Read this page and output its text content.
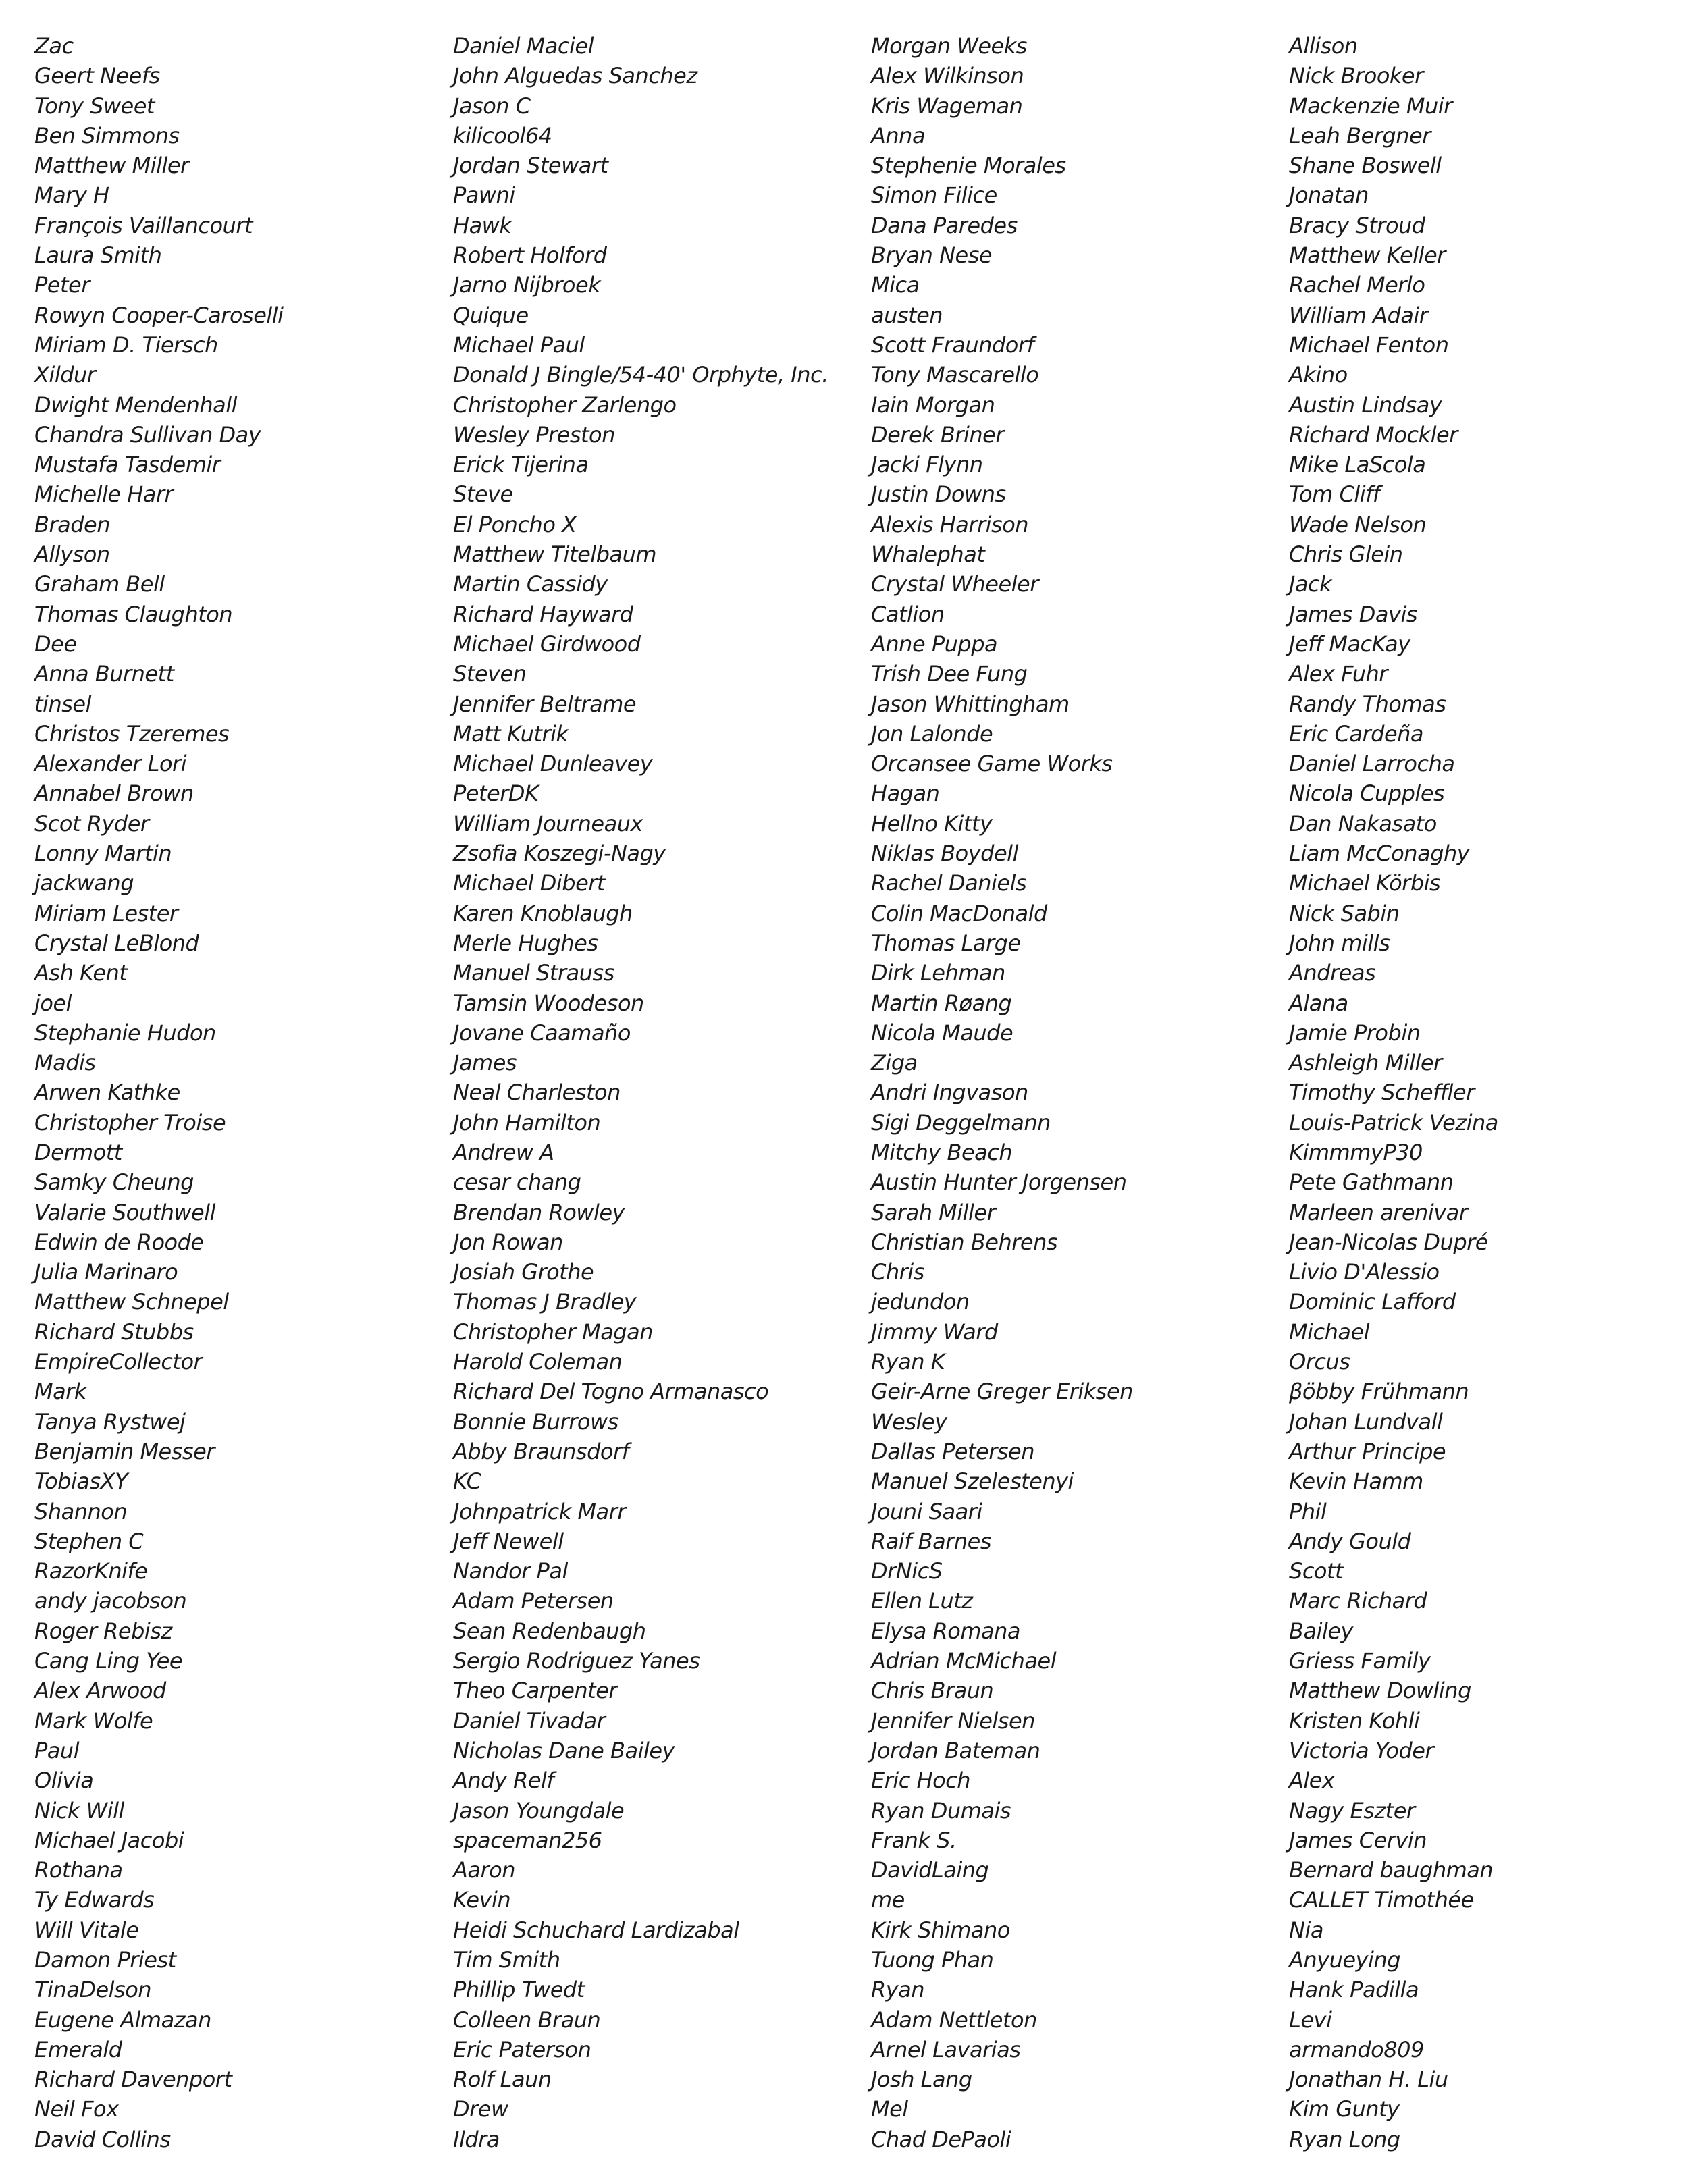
Zac
Geert Neefs
Tony Sweet
Ben Simmons
Matthew Miller
Mary H
François Vaillancourt
Laura Smith
Peter
Rowyn Cooper-Caroselli
Miriam D. Tiersch
Xildur
Dwight Mendenhall
Chandra Sullivan Day
Mustafa Tasdemir
Michelle Harr
Braden
Allyson
Graham Bell
Thomas Claughton
Dee
Anna Burnett
tinsel
Christos Tzeremes
Alexander Lori
Annabel Brown
Scot Ryder
Lonny Martin
jackwang
Miriam Lester
Crystal LeBlond
Ash Kent
joel
Stephanie Hudon
Madis
Arwen Kathke
Christopher Troise
Dermott
Samky Cheung
Valarie Southwell
Edwin de Roode
Julia Marinaro
Matthew Schnepel
Richard Stubbs
EmpireCollector
Mark
Tanya Rystwej
Benjamin Messer
TobiasXY
Shannon
Stephen C
RazorKnife
andy jacobson
Roger Rebisz
Cang Ling Yee
Alex Arwood
Mark Wolfe
Paul
Olivia
Nick Will
Michael Jacobi
Rothana
Ty Edwards
Will Vitale
Damon Priest
TinaDelson
Eugene Almazan
Emerald
Richard Davenport
Neil Fox
David Collins
Daniel Maciel
John Alguedas Sanchez
Jason C
kilicool64
Jordan Stewart
Pawni
Hawk
Robert Holford
Jarno Nijbroek
Quique
Michael Paul
Donald J Bingle/54-40' Orphyte, Inc.
Christopher Zarlengo
Wesley Preston
Erick Tijerina
Steve
El Poncho X
Matthew Titelbaum
Martin Cassidy
Richard Hayward
Michael Girdwood
Steven
Jennifer Beltrame
Matt Kutrik
Michael Dunleavey
PeterDK
William Journeaux
Zsofia Koszegi-Nagy
Michael Dibert
Karen Knoblaugh
Merle Hughes
Manuel Strauss
Tamsin Woodeson
Jovane Caamaño
James
Neal Charleston
John Hamilton
Andrew A
cesar chang
Brendan Rowley
Jon Rowan
Josiah Grothe
Thomas J Bradley
Christopher Magan
Harold Coleman
Richard Del Togno Armanasco
Bonnie Burrows
Abby Braunsdorf
KC
Johnpatrick Marr
Jeff Newell
Nandor Pal
Adam Petersen
Sean Redenbaugh
Sergio Rodriguez Yanes
Theo Carpenter
Daniel Tivadar
Nicholas Dane Bailey
Andy Relf
Jason Youngdale
spaceman256
Aaron
Kevin
Heidi Schuchard Lardizabal
Tim Smith
Phillip Twedt
Colleen Braun
Eric Paterson
Rolf Laun
Drew
Ildra
Morgan Weeks
Alex Wilkinson
Kris Wageman
Anna
Stephenie Morales
Simon Filice
Dana Paredes
Bryan Nese
Mica
austen
Scott Fraundorf
Tony Mascarello
Iain Morgan
Derek Briner
Jacki Flynn
Justin Downs
Alexis Harrison
Whalephat
Crystal Wheeler
Catlion
Anne Puppa
Trish Dee Fung
Jason Whittingham
Jon Lalonde
Orcansee Game Works
Hagan
Hellno Kitty
Niklas Boydell
Rachel Daniels
Colin MacDonald
Thomas Large
Dirk Lehman
Martin Røang
Nicola Maude
Ziga
Andri Ingvason
Sigi Deggelmann
Mitchy Beach
Austin Hunter Jorgensen
Sarah Miller
Christian Behrens
Chris
jedundon
Jimmy Ward
Ryan K
Geir-Arne Greger Eriksen
Wesley
Dallas Petersen
Manuel Szelestenyi
Jouni Saari
Raif Barnes
DrNicS
Ellen Lutz
Elysa Romana
Adrian McMichael
Chris Braun
Jennifer Nielsen
Jordan Bateman
Eric Hoch
Ryan Dumais
Frank S.
DavidLaing
me
Kirk Shimano
Tuong Phan
Ryan
Adam Nettleton
Arnel Lavarias
Josh Lang
Mel
Chad DePaoli
Allison
Nick Brooker
Mackenzie Muir
Leah Bergner
Shane Boswell
Jonatan
Bracy Stroud
Matthew Keller
Rachel Merlo
William Adair
Michael Fenton
Akino
Austin Lindsay
Richard Mockler
Mike LaScola
Tom Cliff
Wade Nelson
Chris Glein
Jack
James Davis
Jeff MacKay
Alex Fuhr
Randy Thomas
Eric Cardeña
Daniel Larrocha
Nicola Cupples
Dan Nakasato
Liam McConaghy
Michael Körbis
Nick Sabin
John mills
Andreas
Alana
Jamie Probin
Ashleigh Miller
Timothy Scheffler
Louis-Patrick Vezina
KimmmyP30
Pete Gathmann
Marleen arenivar
Jean-Nicolas Dupré
Livio D'Alessio
Dominic Lafford
Michael
Orcus
βöbby Frühmann
Johan Lundvall
Arthur Principe
Kevin Hamm
Phil
Andy Gould
Scott
Marc Richard
Bailey
Griess Family
Matthew Dowling
Kristen Kohli
Victoria Yoder
Alex
Nagy Eszter
James Cervin
Bernard baughman
CALLET Timothée
Nia
Anyueying
Hank Padilla
Levi
armando809
Jonathan H. Liu
Kim Gunty
Ryan Long
